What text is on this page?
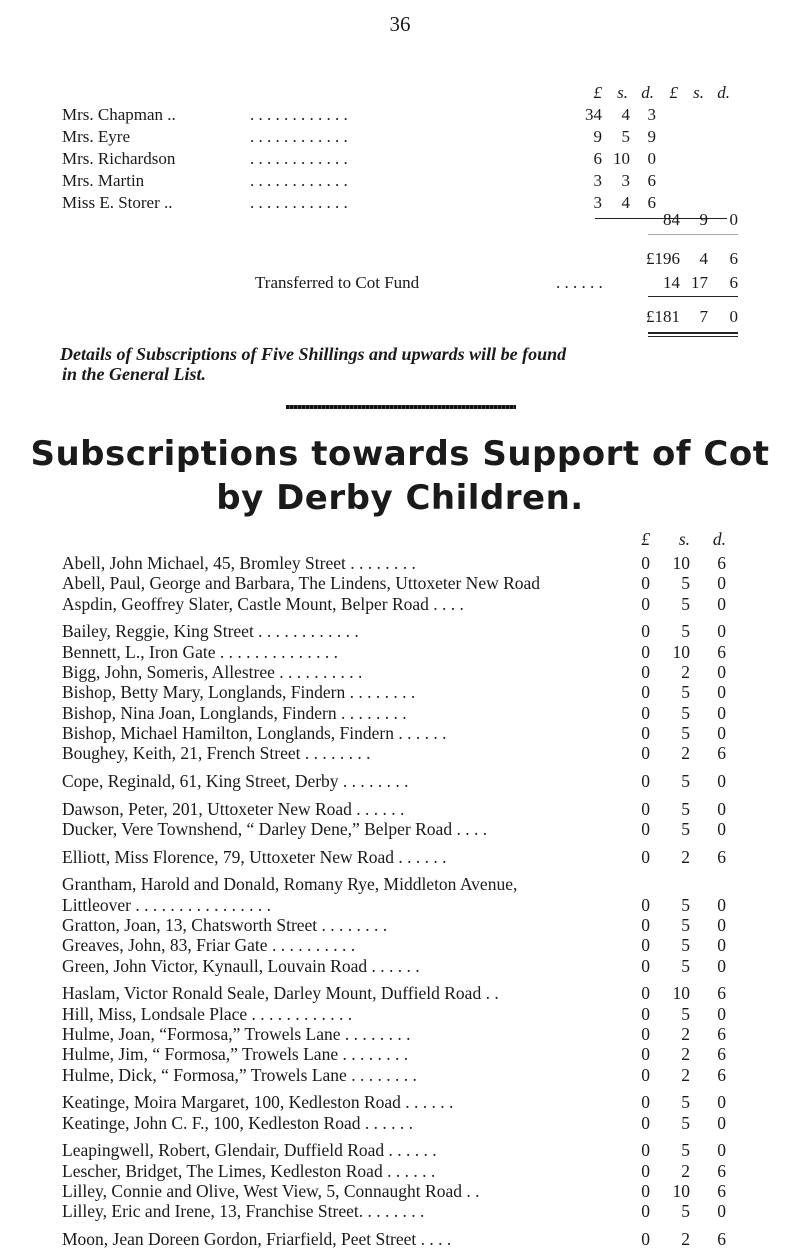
36
£ s. d. £ s. d.
Mrs. Chapman ..	. . . . . . . . . . . .	34	4	3
Mrs. Eyre	. . . . . . . . . . . .	9	5	9
Mrs. Richardson	. . . . . . . . . . . .	6 10	0
Mrs. Martin	. . . . . . . . . . . .	3	3	6
Miss E. Storer ..	. . . . . . . . . . . .	3	4	6
84	9	0
£196	4	6
Transferred to Cot Fund	. . . . . .	14 17	6
£181	7	0
Details of Subscriptions of Five Shillings and upwards will be found
in the General List.
Subscriptions towards Support of Cot
by Derby Children.
£	s.	d.
Abell, John Michael, 45, Bromley Street . . . . . . . .	0	10	6
Abell, Paul, George and Barbara, The Lindens, Uttoxeter New Road	0	5	0
Aspdin, Geoffrey Slater, Castle Mount, Belper Road . . . .	0	5	0
Bailey, Reggie, King Street . . . . . . . . . . . .	0	5	0
Bennett, L., Iron Gate . . . . . . . . . . . . . .	0	10	6
Bigg, John, Someris, Allestree . . . . . . . . . .	0	2	0
Bishop, Betty Mary, Longlands, Findern . . . . . . . .	0	5	0
Bishop, Nina Joan, Longlands, Findern . . . . . . . .	0	5	0
Bishop, Michael Hamilton, Longlands, Findern . . . . . .	0	5	0
Boughey, Keith, 21, French Street . . . . . . . .	0	2	6
Cope, Reginald, 61, King Street, Derby . . . . . . . .	0	5	0
Dawson, Peter, 201, Uttoxeter New Road . . . . . .	0	5	0
Ducker, Vere Townshend, “ Darley Dene,” Belper Road . . . .	0	5	0
Elliott, Miss Florence, 79, Uttoxeter New Road . . . . . .	0	2	6
Grantham, Harold and Donald, Romany Rye, Middleton Avenue,
Littleover . . . . . . . . . . . . . . . .	0	5	0
Gratton, Joan, 13, Chatsworth Street . . . . . . . .	0	5	0
Greaves, John, 83, Friar Gate . . . . . . . . . .	0	5	0
Green, John Victor, Kynaull, Louvain Road . . . . . .	0	5	0
Haslam, Victor Ronald Seale, Darley Mount, Duffield Road . .	0	10	6
Hill, Miss, Londsale Place . . . . . . . . . . . .	0	5	0
Hulme, Joan, “Formosa,” Trowels Lane . . . . . . . .	0	2	6
Hulme, Jim, “ Formosa,” Trowels Lane . . . . . . . .	0	2	6
Hulme, Dick, “ Formosa,” Trowels Lane . . . . . . . .	0	2	6
Keatinge, Moira Margaret, 100, Kedleston Road . . . . . .	0	5	0
Keatinge, John C. F., 100, Kedleston Road . . . . . .	0	5	0
Leapingwell, Robert, Glendair, Duffield Road . . . . . .	0	5	0
Lescher, Bridget, The Limes, Kedleston Road . . . . . .	0	2	6
Lilley, Connie and Olive, West View, 5, Connaught Road . .	0	10	6
Lilley, Eric and Irene, 13, Franchise Street. . . . . . . .	0	5	0
Moon, Jean Doreen Gordon, Friarfield, Peet Street . . . .	0	2	6
